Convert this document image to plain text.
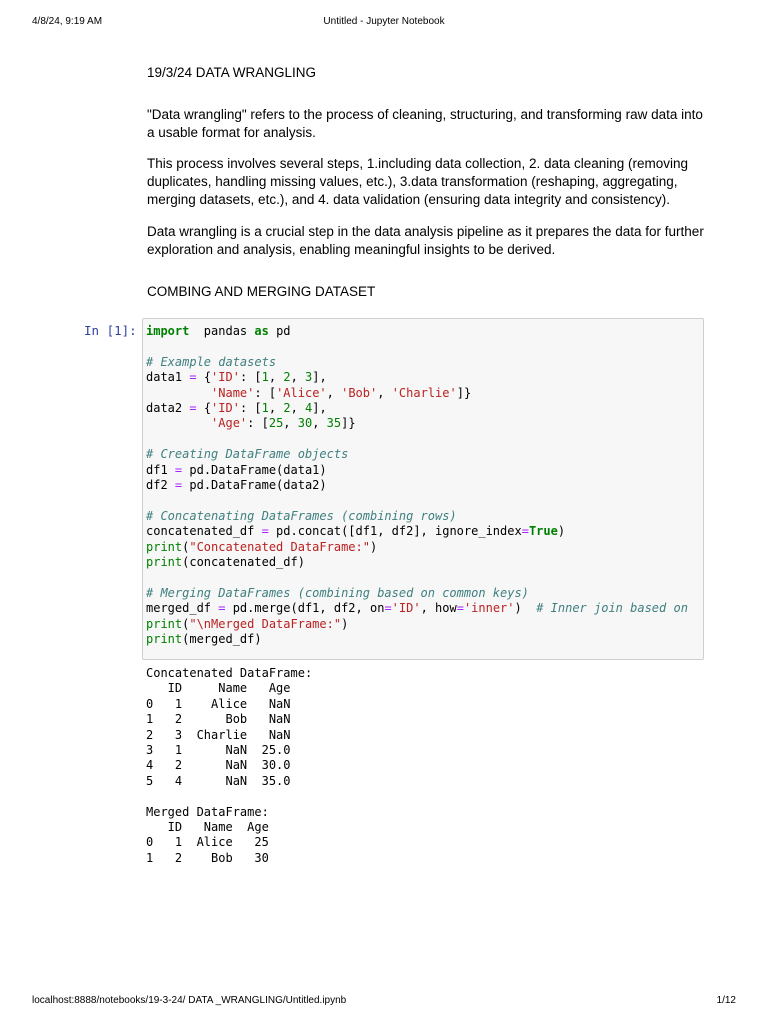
4/8/24, 9:19 AM	Untitled - Jupyter Notebook

19/3/24 DATA WRANGLING

"Data wrangling" refers to the process of cleaning, structuring, and transforming raw data into a usable format for analysis.

This process involves several steps, 1.including data collection, 2. data cleaning (removing duplicates, handling missing values, etc.), 3.data transformation (reshaping, aggregating, merging datasets, etc.), and 4. data validation (ensuring data integrity and consistency).

Data wrangling is a crucial step in the data analysis pipeline as it prepares the data for further exploration and analysis, enabling meaningful insights to be derived.

COMBING AND MERGING DATASET

In [1]: import  pandas as pd

# Example datasets
data1 = {'ID': [1, 2, 3],
'Name': ['Alice', 'Bob', 'Charlie']}
data2 = {'ID': [1, 2, 4],
'Age': [25, 30, 35]}

# Creating DataFrame objects
df1 = pd.DataFrame(data1)
df2 = pd.DataFrame(data2)

# Concatenating DataFrames (combining rows)
concatenated_df = pd.concat([df1, df2], ignore_index=True)
print("Concatenated DataFrame:")
print(concatenated_df)

# Merging DataFrames (combining based on common keys)
merged_df = pd.merge(df1, df2, on='ID', how='inner')  # Inner join based on
print("\nMerged DataFrame:")
print(merged_df)
Concatenated DataFrame:
ID     Name   Age
0   1    Alice   NaN
1   2      Bob   NaN
2   3  Charlie   NaN
3   1      NaN  25.0
4   2      NaN  30.0
5   4      NaN  35.0

Merged DataFrame:
ID   Name  Age
0   1  Alice   25
1   2    Bob   30
localhost:8888/notebooks/19-3-24/ DATA _WRANGLING/Untitled.ipynb	1/12
